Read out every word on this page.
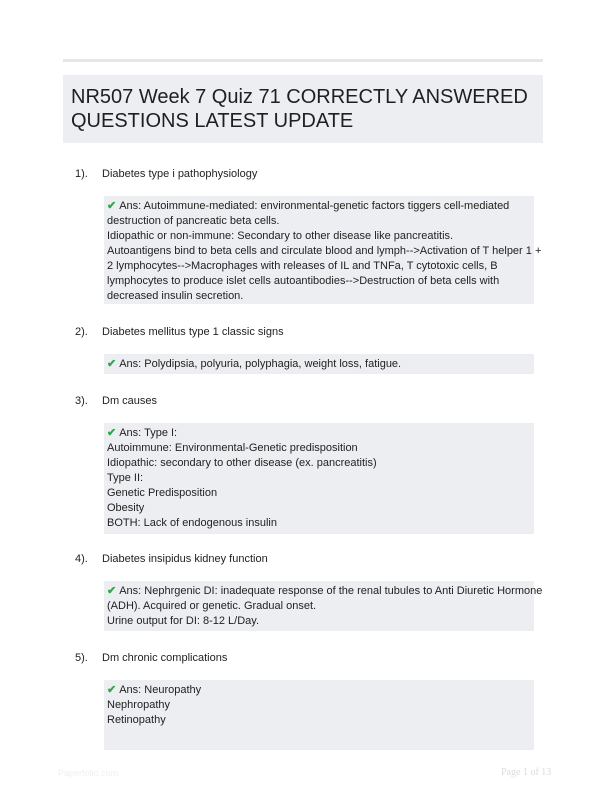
NR507 Week 7 Quiz 71 CORRECTLY ANSWERED
QUESTIONS LATEST UPDATE
1).	Diabetes type i pathophysiology
✔ Ans: Autoimmune-mediated: environmental-genetic factors tiggers cell-mediated
destruction of pancreatic beta cells.
Idiopathic or non-immune: Secondary to other disease like pancreatitis.
Autoantigens bind to beta cells and circulate blood and lymph-->Activation of T helper 1 +
2 lymphocytes-->Macrophages with releases of IL and TNFa, T cytotoxic cells, B
lymphocytes to produce islet cells autoantibodies-->Destruction of beta cells with
decreased insulin secretion.
2).	Diabetes mellitus type 1 classic signs
✔ Ans: Polydipsia, polyuria, polyphagia, weight loss, fatigue.
3).	Dm causes
✔ Ans: Type I:
Autoimmune: Environmental-Genetic predisposition
Idiopathic: secondary to other disease (ex. pancreatitis)
Type II:
Genetic Predisposition
Obesity
BOTH: Lack of endogenous insulin
4).	Diabetes insipidus kidney function
✔ Ans: Nephrgenic DI: inadequate response of the renal tubules to Anti Diuretic Hormone
(ADH). Acquired or genetic. Gradual onset.
Urine output for DI: 8-12 L/Day.
5).	Dm chronic complications
✔ Ans: Neuropathy
Nephropathy
Retinopathy
Paperfolio.com	Page 1 of 13
